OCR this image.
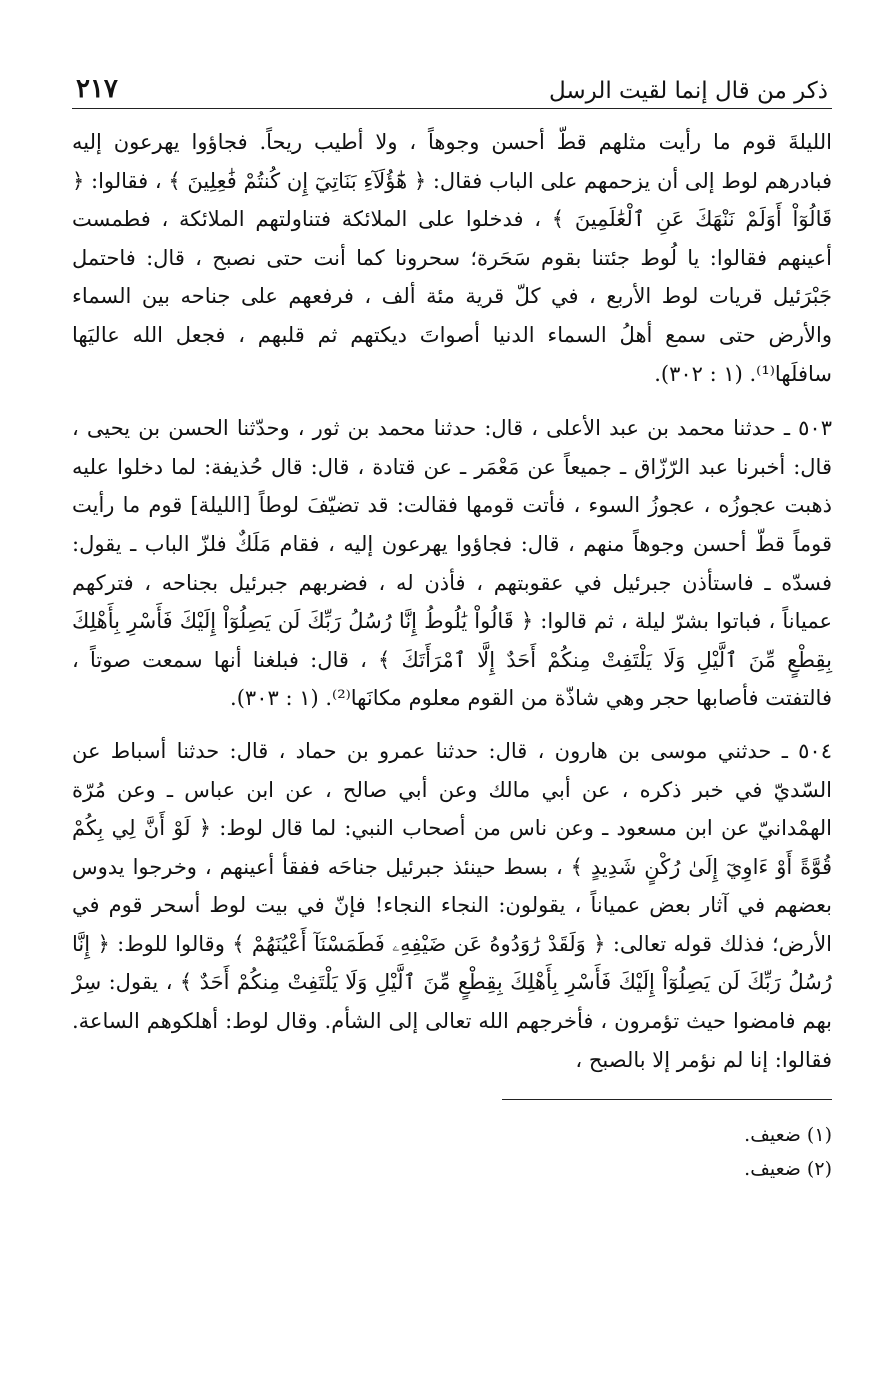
ذكر من قال إنما لقيت الرسل
٢١٧

الليلةَ قوم ما رأيت مثلهم قطّ أحسن وجوهاً ، ولا أطيب ريحاً. فجاؤوا يهرعون إليه فبادرهم لوط إلى أن يزحمهم على الباب فقال: ﴿ هَٰٓؤُلَآءِ بَنَاتِيٓ إِن كُنتُمْ فَٰعِلِينَ ﴾ ، فقالوا: ﴿ قَالُوٓاْ أَوَلَمْ نَنْهَكَ عَنِ ٱلْعَٰلَمِينَ ﴾ ، فدخلوا على الملائكة فتناولتهم الملائكة ، فطمست أعينهم فقالوا: يا لُوط جئتنا بقوم سَحَرة؛ سحرونا كما أنت حتى نصبح ، قال: فاحتمل جَبْرَئيل قريات لوط الأربع ، في كلّ قرية مئة ألف ، فرفعهم على جناحه بين السماء والأرض حتى سمع أهلُ السماء الدنيا أصواتَ ديكتهم ثم قلبهم ، فجعل الله عاليَها سافلَها⁽¹⁾. (١ : ٣٠٢).

٥٠٣ ـ حدثنا محمد بن عبد الأعلى ، قال: حدثنا محمد بن ثور ، وحدّثنا الحسن بن يحيى ، قال: أخبرنا عبد الرّزّاق ـ جميعاً عن مَعْمَر ـ عن قتادة ، قال: قال حُذيفة: لما دخلوا عليه ذهبت عجوزُه ، عجوزُ السوء ، فأتت قومها فقالت: قد تضيّفَ لوطاً [الليلة] قوم ما رأيت قوماً قطّ أحسن وجوهاً منهم ، قال: فجاؤوا يهرعون إليه ، فقام مَلَكٌ فلزّ الباب ـ يقول: فسدّه ـ فاستأذن جبرئيل في عقوبتهم ، فأذن له ، فضربهم جبرئيل بجناحه ، فتركهم عمياناً ، فباتوا بشرّ ليلة ، ثم قالوا: ﴿ قَالُواْ يَٰلُوطُ إِنَّا رُسُلُ رَبِّكَ لَن يَصِلُوٓاْ إِلَيْكَ فَأَسْرِ بِأَهْلِكَ بِقِطْعٍ مِّنَ ٱلَّيْلِ وَلَا يَلْتَفِتْ مِنكُمْ أَحَدٌ إِلَّا ٱمْرَأَتَكَ ﴾ ، قال: فبلغنا أنها سمعت صوتاً ، فالتفتت فأصابها حجر وهي شاذّة من القوم معلوم مكانَها⁽²⁾. (١ : ٣٠٣).

٥٠٤ ـ حدثني موسى بن هارون ، قال: حدثنا عمرو بن حماد ، قال: حدثنا أسباط عن السّديّ في خبر ذكره ، عن أبي مالك وعن أبي صالح ، عن ابن عباس ـ وعن مُرّة الهمْدانيّ عن ابن مسعود ـ وعن ناس من أصحاب النبي: لما قال لوط: ﴿ لَوْ أَنَّ لِي بِكُمْ قُوَّةً أَوْ ءَاوِيٓ إِلَىٰ رُكْنٍ شَدِيدٍ ﴾ ، بسط حينئذ جبرئيل جناحَه ففقأ أعينهم ، وخرجوا يدوس بعضهم في آثار بعض عمياناً ، يقولون: النجاء النجاء! فإنّ في بيت لوط أسحر قوم في الأرض؛ فذلك قوله تعالى: ﴿ وَلَقَدْ رَٰوَدُوهُ عَن ضَيْفِهِۦ فَطَمَسْنَآ أَعْيُنَهُمْ ﴾ وقالوا للوط: ﴿ إِنَّا رُسُلُ رَبِّكَ لَن يَصِلُوٓاْ إِلَيْكَ فَأَسْرِ بِأَهْلِكَ بِقِطْعٍ مِّنَ ٱلَّيْلِ وَلَا يَلْتَفِتْ مِنكُمْ أَحَدٌ ﴾ ، يقول: سِرْ بهم فامضوا حيث تؤمرون ، فأخرجهم الله تعالى إلى الشأم. وقال لوط: أهلكوهم الساعة. فقالوا: إنا لم نؤمر إلا بالصبح ،

(١) ضعيف.
(٢) ضعيف.
